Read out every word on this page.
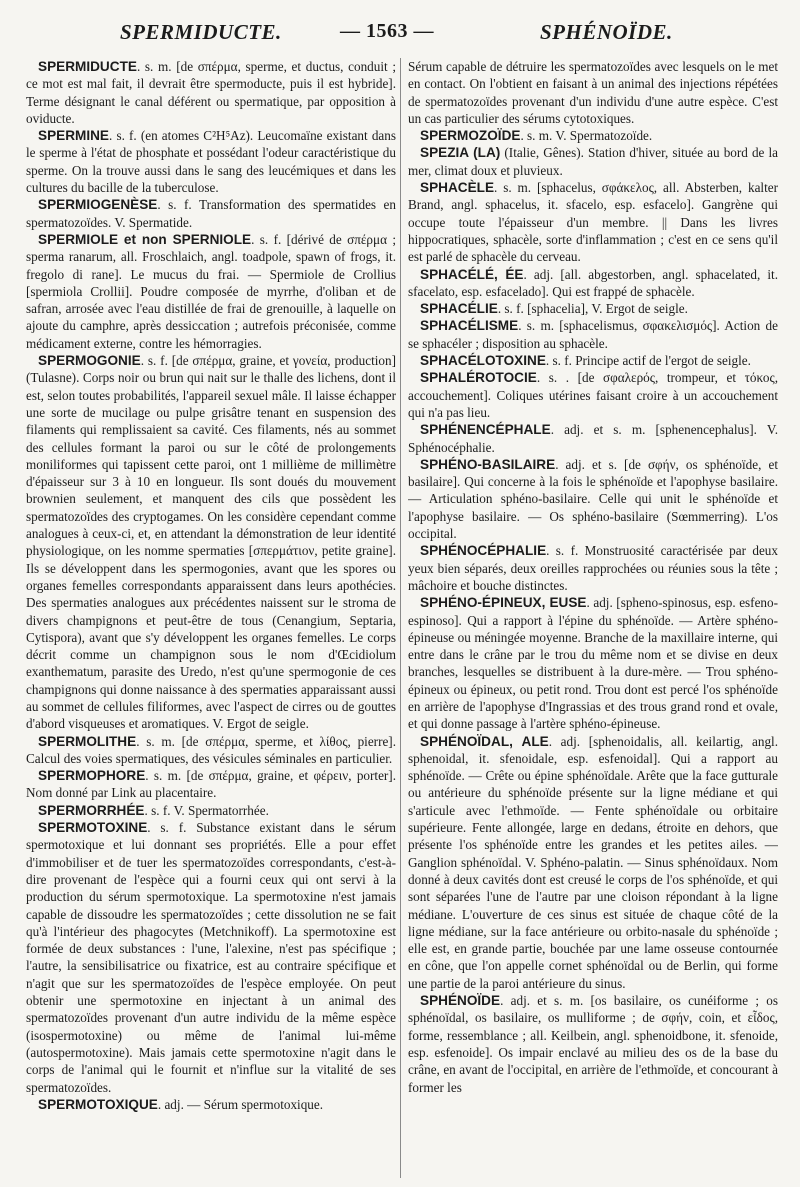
SPERMIDUCTE.	— 1563 —	SPHÉNOÏDE.

SPERMIDUCTE. s. m. [de σπέρμα, sperme, et ductus, conduit ; ce mot est mal fait, il devrait être spermoducte, puis il est hybride]. Terme désignant le canal déférent ou spermatique, par opposition à oviducte.

SPERMINE. s. f. (en atomes C²H⁵Az). Leucomaïne existant dans le sperme à l'état de phosphate et possédant l'odeur caractéristique du sperme. On la trouve aussi dans le sang des leucémiques et dans les cultures du bacille de la tuberculose.

SPERMIOGENÈSE. s. f. Transformation des spermatides en spermatozoïdes. V. Spermatide.

SPERMIOLE et non SPERNIOLE. s. f. [dérivé de σπέρμα ; sperma ranarum, all. Froschlaich, angl. toadpole, spawn of frogs, it. fregolo di rane]. Le mucus du frai. — Spermiole de Crollius [spermiola Crollii]. Poudre composée de myrrhe, d'oliban et de safran, arrosée avec l'eau distillée de frai de grenouille, à laquelle on ajoute du camphre, après dessiccation ; autrefois préconisée, comme médicament externe, contre les hémorragies.

SPERMOGONIE. s. f. [de σπέρμα, graine, et γονεία, production] (Tulasne). Corps noir ou brun qui nait sur le thalle des lichens, dont il est, selon toutes probabilités, l'appareil sexuel mâle. Il laisse échapper une sorte de mucilage ou pulpe grisâtre tenant en suspension des filaments qui remplissaient sa cavité. Ces filaments, nés au sommet des cellules formant la paroi ou sur le côté de prolongements moniliformes qui tapissent cette paroi, ont 1 millième de millimètre d'épaisseur sur 3 à 10 en longueur. Ils sont doués du mouvement brownien seulement, et manquent des cils que possèdent les spermatozoïdes des cryptogames. On les considère cependant comme analogues à ceux-ci, et, en attendant la démonstration de leur identité physiologique, on les nomme spermaties [σπερμάτιον, petite graine]. Ils se développent dans les spermogonies, avant que les spores ou organes femelles correspondants apparaissent dans leurs apothécies. Des spermaties analogues aux précédentes naissent sur le stroma de divers champignons et peut-être de tous (Cenangium, Septaria, Cytispora), avant que s'y développent les organes femelles. Le corps décrit comme un champignon sous le nom d'Œcidiolum exanthematum, parasite des Uredo, n'est qu'une spermogonie de ces champignons qui donne naissance à des spermaties apparaissant aussi au sommet de cellules filiformes, avec l'aspect de cirres ou de gouttes d'abord visqueuses et aromatiques. V. Ergot de seigle.

SPERMOLITHE. s. m. [de σπέρμα, sperme, et λίθος, pierre]. Calcul des voies spermatiques, des vésicules séminales en particulier.

SPERMOPHORE. s. m. [de σπέρμα, graine, et φέρειν, porter]. Nom donné par Link au placentaire.

SPERMORRHÉE. s. f. V. Spermatorrhée.

SPERMOTOXINE. s. f. Substance existant dans le sérum spermotoxique et lui donnant ses propriétés. Elle a pour effet d'immobiliser et de tuer les spermatozoïdes correspondants, c'est-à-dire provenant de l'espèce qui a fourni ceux qui ont servi à la production du sérum spermotoxique. La spermotoxine n'est jamais capable de dissoudre les spermatozoïdes ; cette dissolution ne se fait qu'à l'intérieur des phagocytes (Metchnikoff). La spermotoxine est formée de deux substances : l'une, l'alexine, n'est pas spécifique ; l'autre, la sensibilisatrice ou fixatrice, est au contraire spécifique et n'agit que sur les spermatozoïdes de l'espèce employée. On peut obtenir une spermotoxine en injectant à un animal des spermatozoïdes provenant d'un autre individu de la même espèce (isospermotoxine) ou même de l'animal lui-même (autospermotoxine). Mais jamais cette spermotoxine n'agit dans le corps de l'animal qui le fournit et n'influe sur la vitalité de ses spermatozoïdes.

SPERMOTOXIQUE. adj. — Sérum spermotoxique.

Sérum capable de détruire les spermatozoïdes avec lesquels on le met en contact. On l'obtient en faisant à un animal des injections répétées de spermatozoïdes provenant d'un individu d'une autre espèce. C'est un cas particulier des sérums cytotoxiques.

SPERMOZOÏDE. s. m. V. Spermatozoïde.

SPEZIA (LA) (Italie, Gênes). Station d'hiver, située au bord de la mer, climat doux et pluvieux.

SPHACÈLE. s. m. [sphacelus, σφάκελος, all. Absterben, kalter Brand, angl. sphacelus, it. sfacelo, esp. esfacelo]. Gangrène qui occupe toute l'épaisseur d'un membre. || Dans les livres hippocratiques, sphacèle, sorte d'inflammation ; c'est en ce sens qu'il est parlé de sphacèle du cerveau.

SPHACÉLÉ, ÉE. adj. [all. abgestorben, angl. sphacelated, it. sfacelato, esp. esfacelado]. Qui est frappé de sphacèle.

SPHACÉLIE. s. f. [sphacelia], V. Ergot de seigle.

SPHACÉLISME. s. m. [sphacelismus, σφακελισμός]. Action de se sphacéler ; disposition au sphacèle.

SPHACÉLOTOXINE. s. f. Principe actif de l'ergot de seigle.

SPHALÉROTOCIE. s. . [de σφαλερός, trompeur, et τόκος, accouchement]. Coliques utérines faisant croire à un accouchement qui n'a pas lieu.

SPHÉNENCÉPHALE. adj. et s. m. [sphenencephalus]. V. Sphénocéphalie.

SPHÉNO-BASILAIRE. adj. et s. [de σφήν, os sphénoïde, et basilaire]. Qui concerne à la fois le sphénoïde et l'apophyse basilaire. — Articulation sphéno-basilaire. Celle qui unit le sphénoïde et l'apophyse basilaire. — Os sphéno-basilaire (Sœmmerring). L'os occipital.

SPHÉNOCÉPHALIE. s. f. Monstruosité caractérisée par deux yeux bien séparés, deux oreilles rapprochées ou réunies sous la tête ; mâchoire et bouche distinctes.

SPHÉNO-ÉPINEUX, EUSE. adj. [spheno-spinosus, esp. esfeno-espinoso]. Qui a rapport à l'épine du sphénoïde. — Artère sphéno-épineuse ou méningée moyenne. Branche de la maxillaire interne, qui entre dans le crâne par le trou du même nom et se divise en deux branches, lesquelles se distribuent à la dure-mère. — Trou sphéno-épineux ou épineux, ou petit rond. Trou dont est percé l'os sphénoïde en arrière de l'apophyse d'Ingrassias et des trous grand rond et ovale, et qui donne passage à l'artère sphéno-épineuse.

SPHÉNOÏDAL, ALE. adj. [sphenoidalis, all. keilartig, angl. sphenoidal, it. sfenoidale, esp. esfenoidal]. Qui a rapport au sphénoïde. — Crête ou épine sphénoïdale. Arête que la face gutturale ou antérieure du sphénoïde présente sur la ligne médiane et qui s'articule avec l'ethmoïde. — Fente sphénoïdale ou orbitaire supérieure. Fente allongée, large en dedans, étroite en dehors, que présente l'os sphénoïde entre les grandes et les petites ailes. — Ganglion sphénoïdal. V. Sphéno-palatin. — Sinus sphénoïdaux. Nom donné à deux cavités dont est creusé le corps de l'os sphénoïde, et qui sont séparées l'une de l'autre par une cloison répondant à la ligne médiane. L'ouverture de ces sinus est située de chaque côté de la ligne médiane, sur la face antérieure ou orbito-nasale du sphénoïde ; elle est, en grande partie, bouchée par une lame osseuse contournée en cône, que l'on appelle cornet sphénoïdal ou de Berlin, qui forme une partie de la paroi antérieure du sinus.

SPHÉNOÏDE. adj. et s. m. [os basilaire, os cunéiforme ; os sphénoïdal, os basilaire, os mulliforme ; de σφήν, coin, et εἶδος, forme, ressemblance ; all. Keilbein, angl. sphenoidbone, it. sfenoide, esp. esfenoide]. Os impair enclavé au milieu des os de la base du crâne, en avant de l'occipital, en arrière de l'ethmoïde, et concourant à former les
